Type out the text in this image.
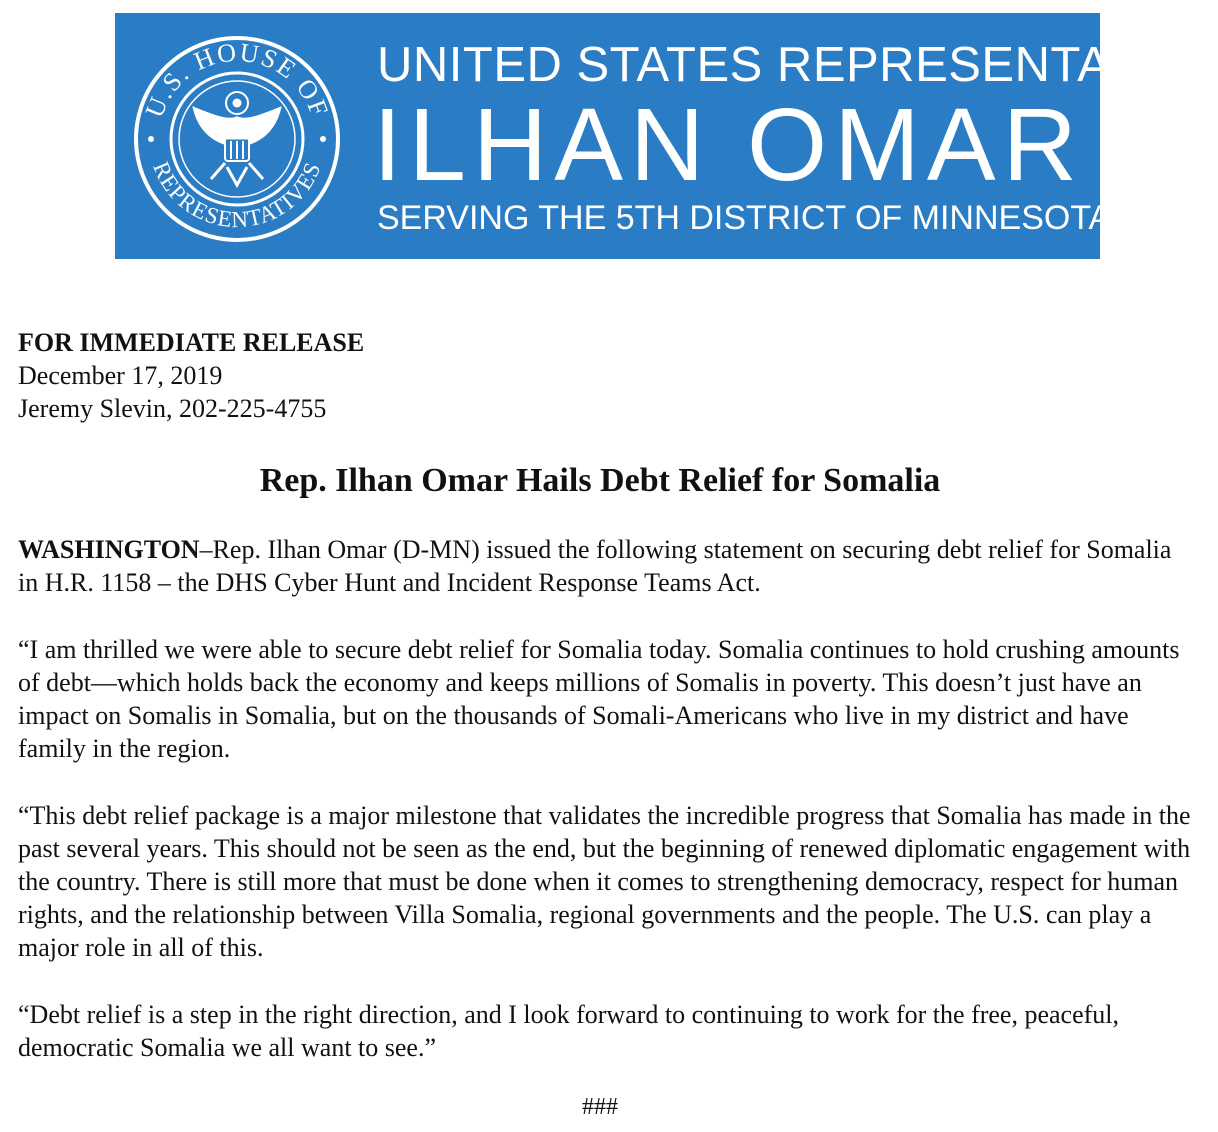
U.S. HOUSE OF
REPRESENTATIVES
UNITED STATES REPRESENTATIVE
ILHAN OMAR
SERVING THE 5TH DISTRICT OF MINNESOTA
FOR IMMEDIATE RELEASE
December 17, 2019
Jeremy Slevin, 202-225-4755
Rep. Ilhan Omar Hails Debt Relief for Somalia

WASHINGTON–Rep. Ilhan Omar (D-MN) issued the following statement on securing debt relief for Somalia in H.R. 1158 – the DHS Cyber Hunt and Incident Response Teams Act.

“I am thrilled we were able to secure debt relief for Somalia today. Somalia continues to hold crushing amounts of debt—which holds back the economy and keeps millions of Somalis in poverty. This doesn’t just have an impact on Somalis in Somalia, but on the thousands of Somali-Americans who live in my district and have family in the region.

“This debt relief package is a major milestone that validates the incredible progress that Somalia has made in the past several years. This should not be seen as the end, but the beginning of renewed diplomatic engagement with the country. There is still more that must be done when it comes to strengthening democracy, respect for human rights, and the relationship between Villa Somalia, regional governments and the people. The U.S. can play a major role in all of this.

“Debt relief is a step in the right direction, and I look forward to continuing to work for the free, peaceful, democratic Somalia we all want to see.”

###
